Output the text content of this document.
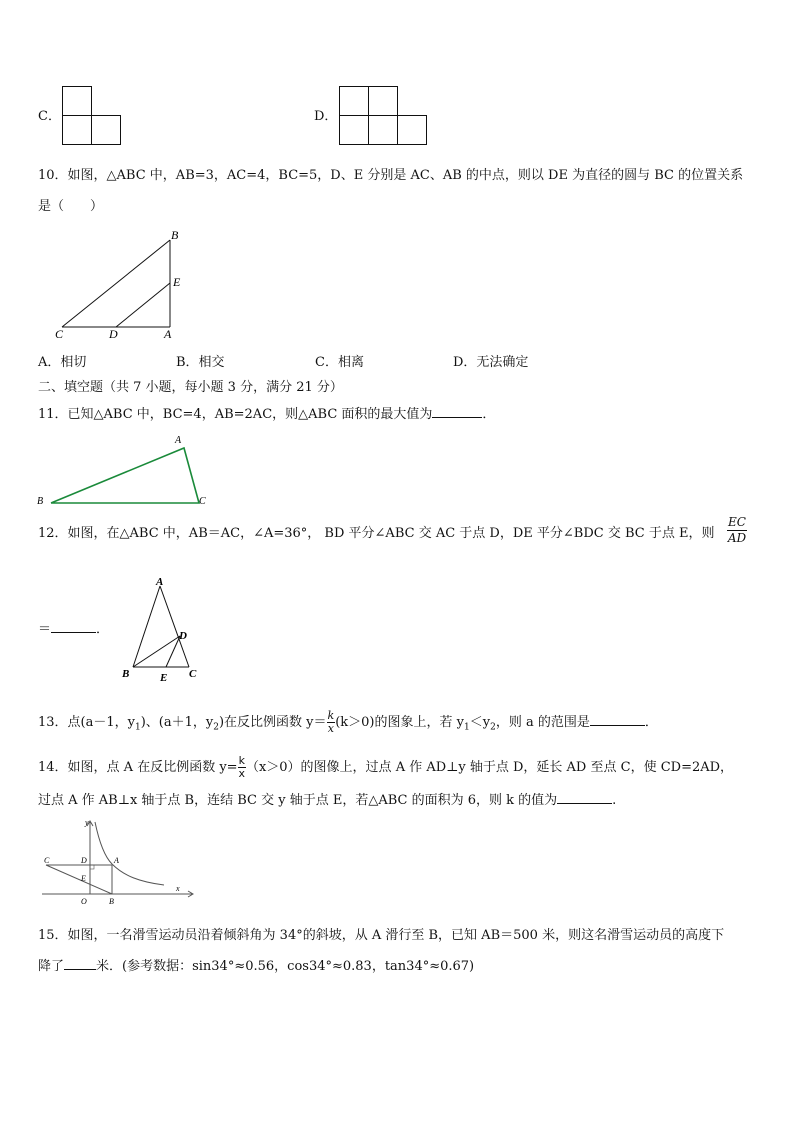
C．	D．
10．如图，△ABC 中，AB=3，AC=4，BC=5，D、E 分别是 AC、AB 的中点，则以 DE 为直径的圆与 BC 的位置关系
是（　　）
B
E
C	D	A
A．相切	B．相交	C．相离	D．无法确定
二、填空题（共 7 小题，每小题 3 分，满分 21 分）
11．已知△ABC 中，BC=4，AB=2AC，则△ABC 面积的最大值为	．
A
B	C
12．如图，在△ABC 中，AB＝AC，∠A=36°， BD 平分∠ABC 交 AC 于点 D，DE 平分∠BDC 交 BC 于点 E，则 $\frac{EC}{AD}$
＝	．
A
D
B	E C
13．点(a－1，$y_1$)、(a＋1，$y_2$)在反比例函数 $y= \frac{k}{x} (k>0)$的图象上，若 $y_1<y_2$，则 a 的范围是	．
14．如图，点 A 在反比例函数 $y= \frac{k}{x} (x>0)$的图像上，过点 A 作 AD⊥y 轴于点 D，延长 AD 至点 C，使 CD=2AD，
过点 A 作 AB⊥x 轴于点 B，连结 BC 交 y 轴于点 E，若△ABC 的面积为 6，则 k 的值为	.
y
x
C	D	A
E
O	B
15．如图，一名滑雪运动员沿着倾斜角为 34°的斜坡，从 A 滑行至 B，已知 AB＝500 米，则这名滑雪运动员的高度下
降了 米．(参考数据：sin34°≈0.56，cos34°≈0.83，tan34°≈0.67)
